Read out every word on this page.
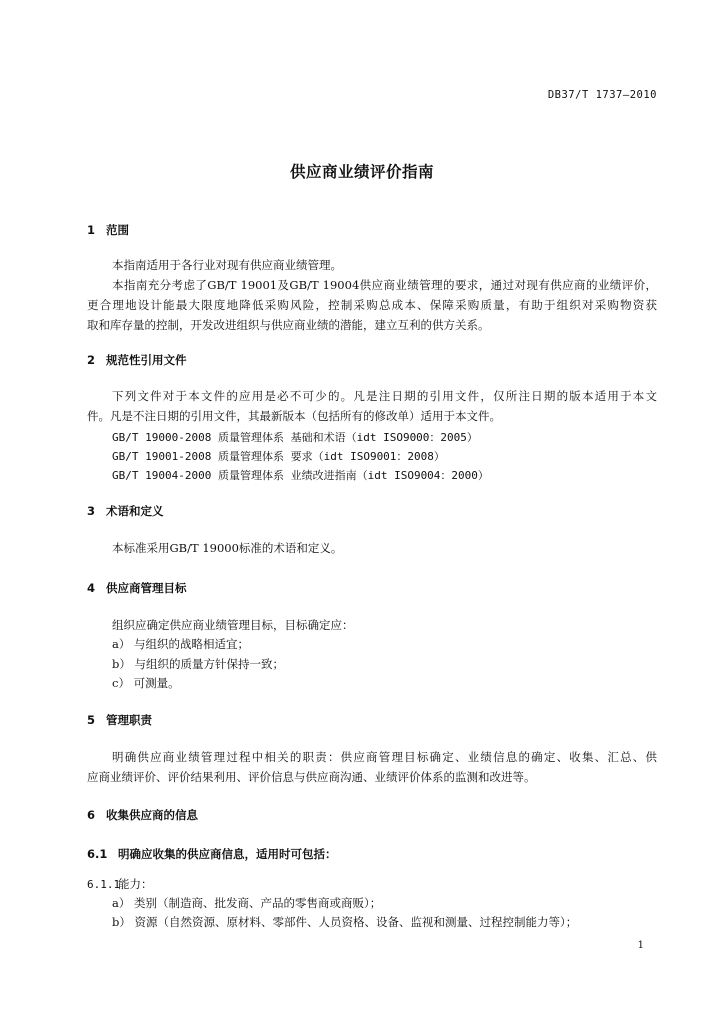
DB37/T 1737—2010
供应商业绩评价指南
1 范围
本指南适用于各行业对现有供应商业绩管理。
本指南充分考虑了GB/T 19001及GB/T 19004供应商业绩管理的要求，通过对现有供应商的业绩评价，
更合理地设计能最大限度地降低采购风险，控制采购总成本、保障采购质量，有助于组织对采购物资获
取和库存量的控制，开发改进组织与供应商业绩的潜能，建立互利的供方关系。
2 规范性引用文件
下列文件对于本文件的应用是必不可少的。凡是注日期的引用文件，仅所注日期的版本适用于本文
件。凡是不注日期的引用文件，其最新版本（包括所有的修改单）适用于本文件。
GB/T 19000-2008 质量管理体系 基础和术语（idt ISO9000：2005）
GB/T 19001-2008 质量管理体系 要求（idt ISO9001：2008）
GB/T 19004-2000 质量管理体系 业绩改进指南（idt ISO9004：2000）
3 术语和定义
本标准采用GB/T 19000标准的术语和定义。
4 供应商管理目标
组织应确定供应商业绩管理目标，目标确定应：
a） 与组织的战略相适宜；
b） 与组织的质量方针保持一致；
c） 可测量。
5 管理职责
明确供应商业绩管理过程中相关的职责：供应商管理目标确定、业绩信息的确定、收集、汇总、供
应商业绩评价、评价结果利用、评价信息与供应商沟通、业绩评价体系的监测和改进等。
6 收集供应商的信息
6.1 明确应收集的供应商信息，适用时可包括：
6.1.1能力：
a） 类别（制造商、批发商、产品的零售商或商贩）；
b） 资源（自然资源、原材料、零部件、人员资格、设备、监视和测量、过程控制能力等）；
1
